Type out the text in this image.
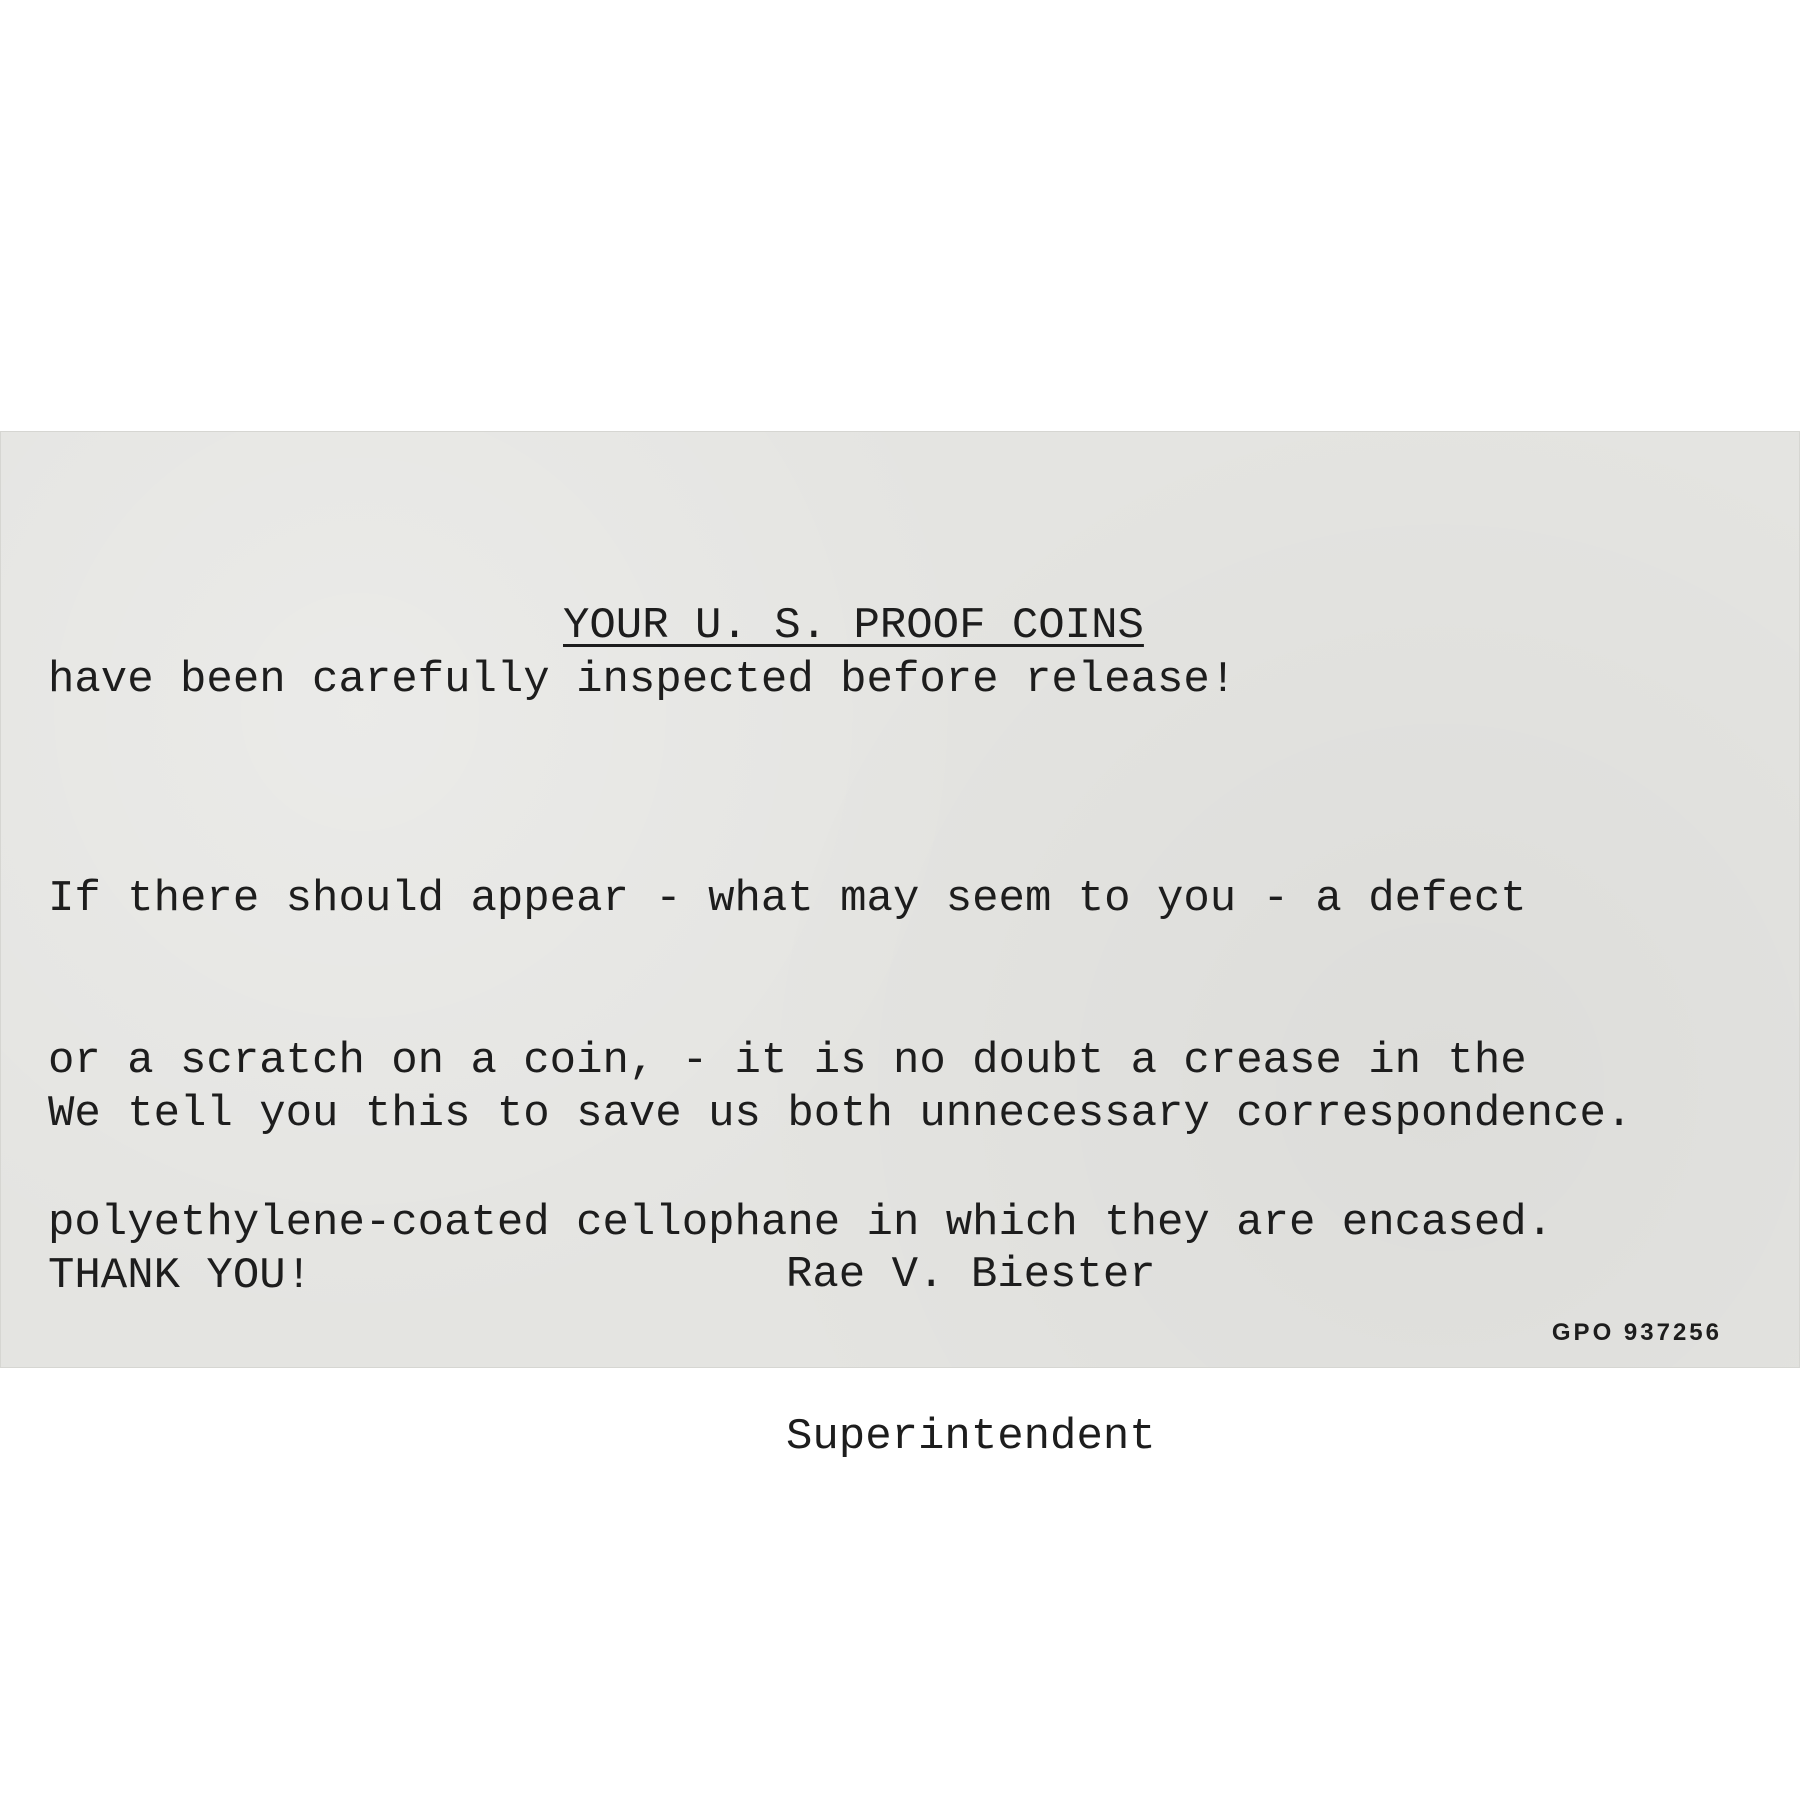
YOUR U. S. PROOF COINS

have been carefully inspected before release!

If there should appear - what may seem to you - a defect

or a scratch on a coin, - it is no doubt a crease in the

polyethylene-coated cellophane in which they are encased.

We tell you this to save us both unnecessary correspondence.

THANK YOU!

	Rae V. Biester

Superintendent

GPO 937256
